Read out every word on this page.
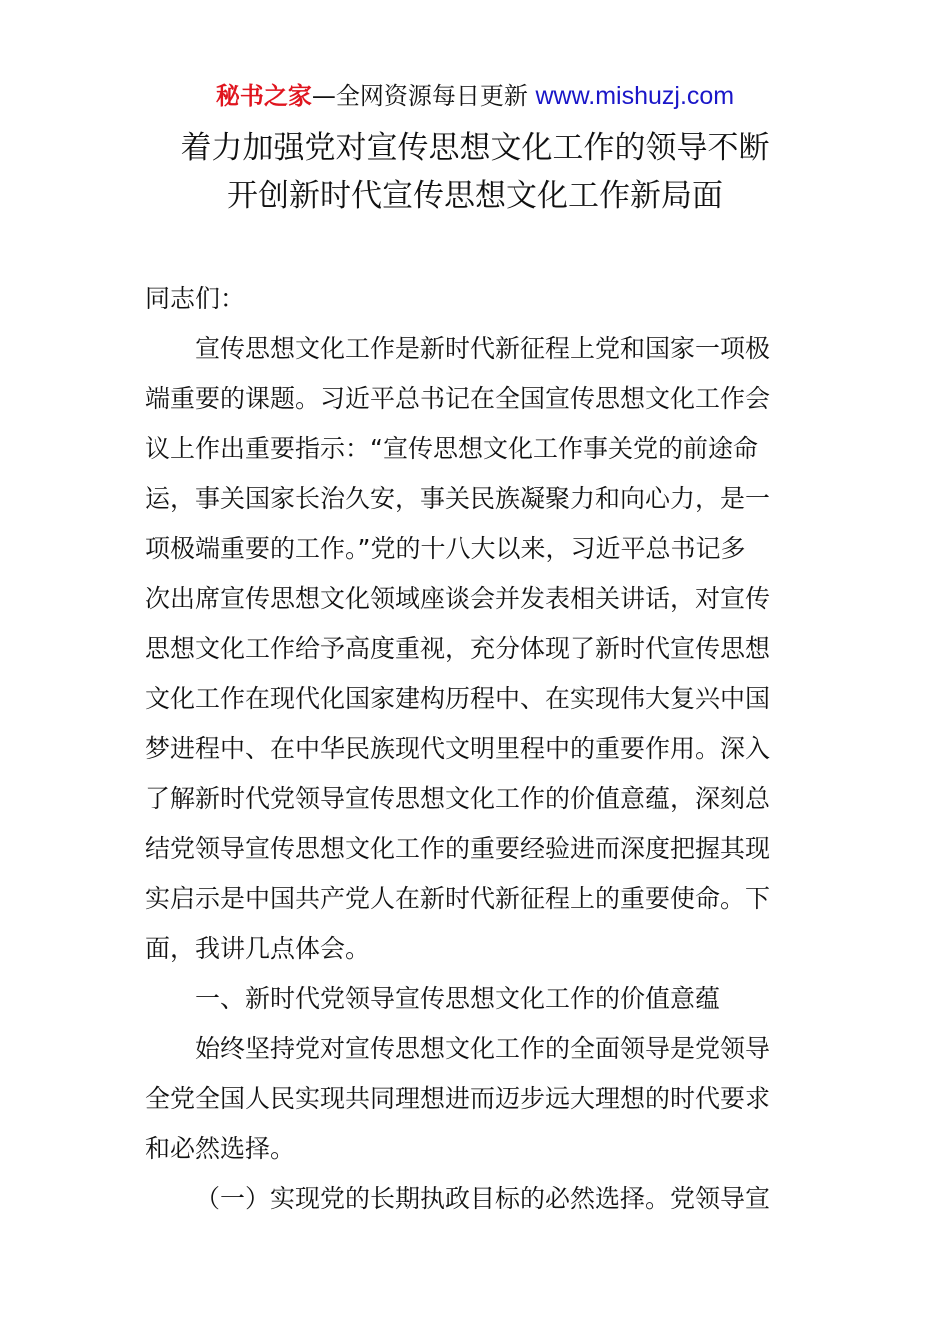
秘书之家—全网资源每日更新 www.mishuzj.com
着力加强党对宣传思想文化工作的领导不断
开创新时代宣传思想文化工作新局面
同志们：
宣传思想文化工作是新时代新征程上党和国家一项极
端重要的课题。习近平总书记在全国宣传思想文化工作会
议上作出重要指示：“宣传思想文化工作事关党的前途命
运，事关国家长治久安，事关民族凝聚力和向心力，是一
项极端重要的工作。”党的十八大以来，习近平总书记多
次出席宣传思想文化领域座谈会并发表相关讲话，对宣传
思想文化工作给予高度重视，充分体现了新时代宣传思想
文化工作在现代化国家建构历程中、在实现伟大复兴中国
梦进程中、在中华民族现代文明里程中的重要作用。深入
了解新时代党领导宣传思想文化工作的价值意蕴，深刻总
结党领导宣传思想文化工作的重要经验进而深度把握其现
实启示是中国共产党人在新时代新征程上的重要使命。下
面，我讲几点体会。
一、新时代党领导宣传思想文化工作的价值意蕴
始终坚持党对宣传思想文化工作的全面领导是党领导
全党全国人民实现共同理想进而迈步远大理想的时代要求
和必然选择。
（一）实现党的长期执政目标的必然选择。党领导宣
